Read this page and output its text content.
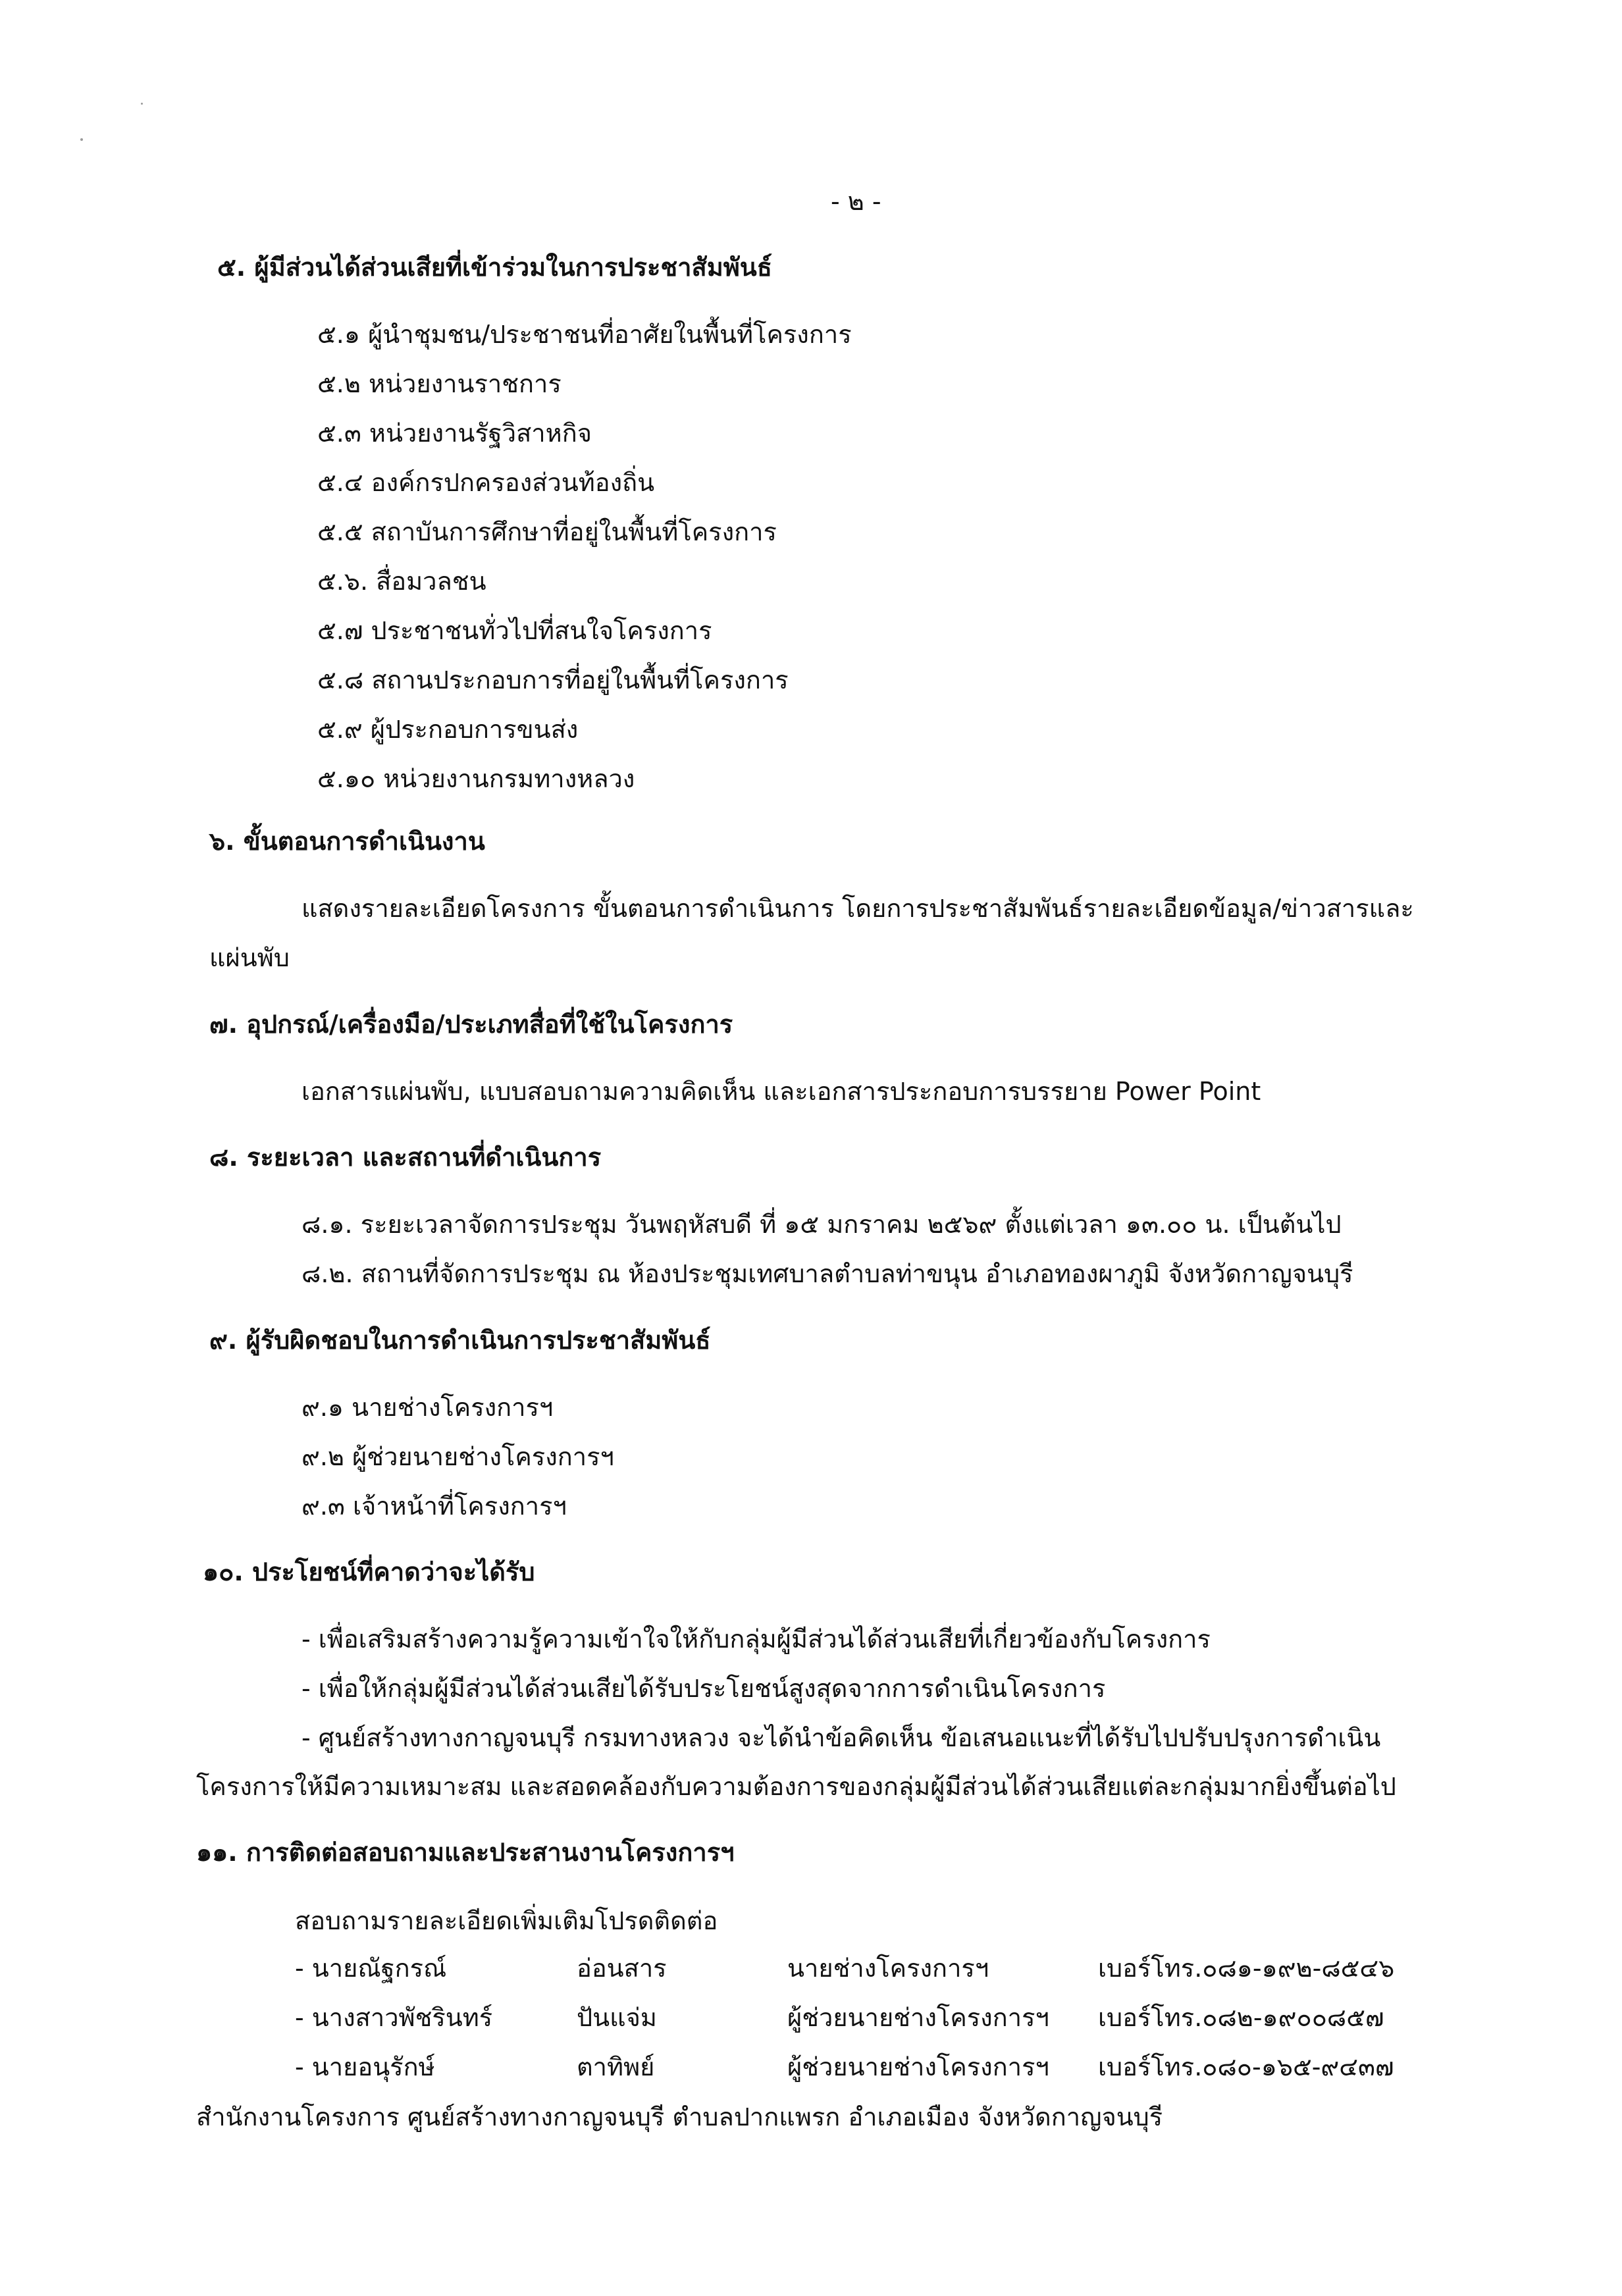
- ๒ -

๕. ผู้มีส่วนได้ส่วนเสียที่เข้าร่วมในการประชาสัมพันธ์

๕.๑ ผู้นำชุมชน/ประชาชนที่อาศัยในพื้นที่โครงการ

๕.๒ หน่วยงานราชการ

๕.๓ หน่วยงานรัฐวิสาหกิจ

๕.๔ องค์กรปกครองส่วนท้องถิ่น

๕.๕ สถาบันการศึกษาที่อยู่ในพื้นที่โครงการ

๕.๖. สื่อมวลชน

๕.๗ ประชาชนทั่วไปที่สนใจโครงการ

๕.๘ สถานประกอบการที่อยู่ในพื้นที่โครงการ

๕.๙ ผู้ประกอบการขนส่ง

๕.๑๐ หน่วยงานกรมทางหลวง

๖. ขั้นตอนการดำเนินงาน

แสดงรายละเอียดโครงการ ขั้นตอนการดำเนินการ โดยการประชาสัมพันธ์รายละเอียดข้อมูล/ข่าวสารและ

แผ่นพับ

๗. อุปกรณ์/เครื่องมือ/ประเภทสื่อที่ใช้ในโครงการ

เอกสารแผ่นพับ, แบบสอบถามความคิดเห็น และเอกสารประกอบการบรรยาย Power Point

๘. ระยะเวลา และสถานที่ดำเนินการ

๘.๑. ระยะเวลาจัดการประชุม วันพฤหัสบดี ที่ ๑๕ มกราคม ๒๕๖๙ ตั้งแต่เวลา ๑๓.๐๐ น. เป็นต้นไป

๘.๒. สถานที่จัดการประชุม ณ ห้องประชุมเทศบาลตำบลท่าขนุน อำเภอทองผาภูมิ จังหวัดกาญจนบุรี

๙. ผู้รับผิดชอบในการดำเนินการประชาสัมพันธ์

๙.๑ นายช่างโครงการฯ

๙.๒ ผู้ช่วยนายช่างโครงการฯ

๙.๓ เจ้าหน้าที่โครงการฯ

๑๐. ประโยชน์ที่คาดว่าจะได้รับ

- เพื่อเสริมสร้างความรู้ความเข้าใจให้กับกลุ่มผู้มีส่วนได้ส่วนเสียที่เกี่ยวข้องกับโครงการ

- เพื่อให้กลุ่มผู้มีส่วนได้ส่วนเสียได้รับประโยชน์สูงสุดจากการดำเนินโครงการ

- ศูนย์สร้างทางกาญจนบุรี กรมทางหลวง จะได้นำข้อคิดเห็น ข้อเสนอแนะที่ได้รับไปปรับปรุงการดำเนิน

โครงการให้มีความเหมาะสม และสอดคล้องกับความต้องการของกลุ่มผู้มีส่วนได้ส่วนเสียแต่ละกลุ่มมากยิ่งขึ้นต่อไป

๑๑. การติดต่อสอบถามและประสานงานโครงการฯ

สอบถามรายละเอียดเพิ่มเติมโปรดติดต่อ

- นายณัฐกรณ์	อ่อนสาร	นายช่างโครงการฯ	เบอร์โทร.๐๘๑-๑๙๒-๘๕๔๖
- นางสาวพัชรินทร์	ปันแจ่ม	ผู้ช่วยนายช่างโครงการฯ เบอร์โทร.๐๘๒-๑๙๐๐๘๕๗
- นายอนุรักษ์	ตาทิพย์	ผู้ช่วยนายช่างโครงการฯ เบอร์โทร.๐๘๐-๑๖๕-๙๔๓๗

สำนักงานโครงการ ศูนย์สร้างทางกาญจนบุรี ตำบลปากแพรก อำเภอเมือง จังหวัดกาญจนบุรี
